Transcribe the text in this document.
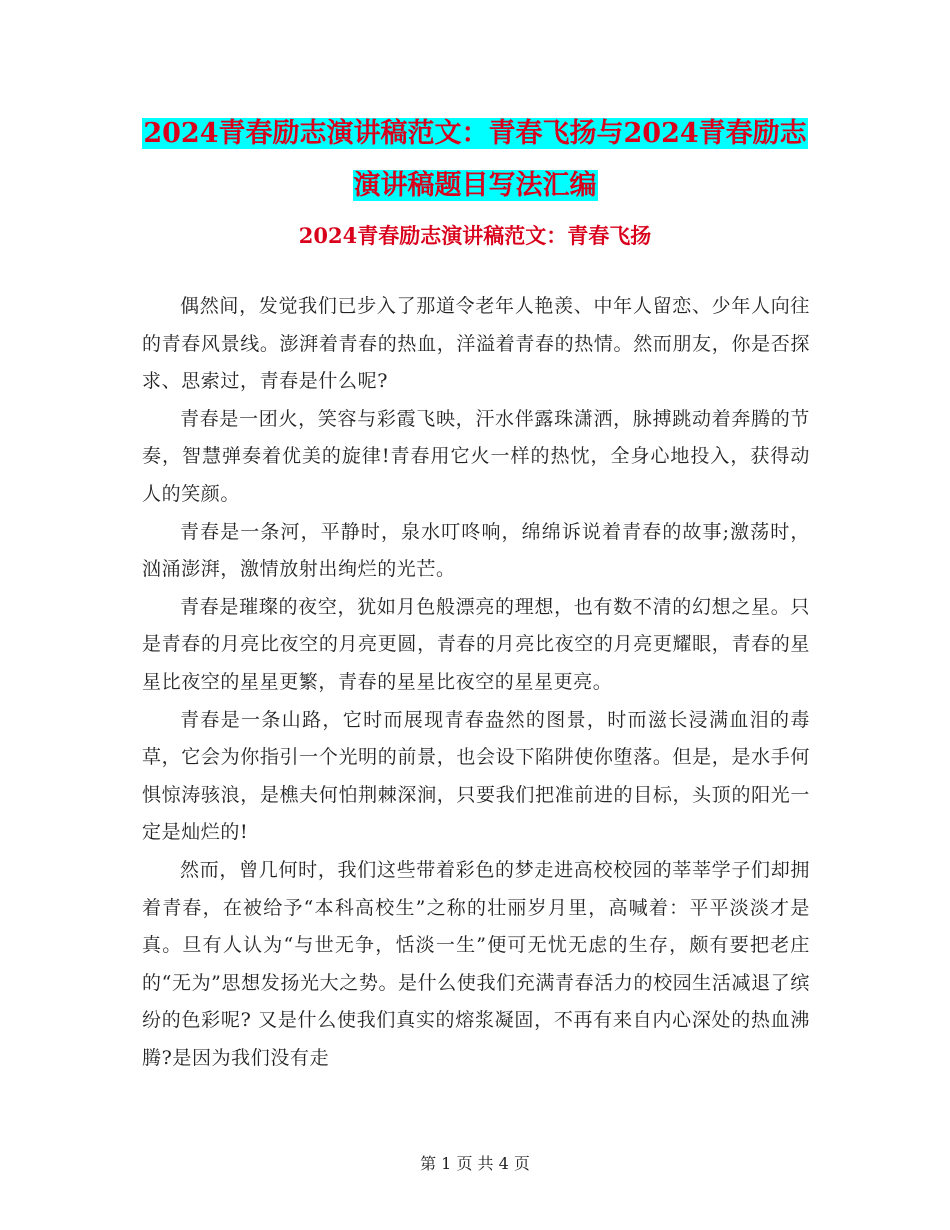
2024青春励志演讲稿范文：青春飞扬与2024青春励志
演讲稿题目写法汇编
2024青春励志演讲稿范文：青春飞扬

偶然间，发觉我们已步入了那道令老年人艳羡、中年人留恋、少年人向往的青春风景线。澎湃着青春的热血，洋溢着青春的热情。然而朋友，你是否探求、思索过，青春是什么呢?

青春是一团火，笑容与彩霞飞映，汗水伴露珠潇洒，脉搏跳动着奔腾的节奏，智慧弹奏着优美的旋律!青春用它火一样的热忱，全身心地投入，获得动人的笑颜。

青春是一条河，平静时，泉水叮咚响，绵绵诉说着青春的故事;激荡时，汹涌澎湃，激情放射出绚烂的光芒。

青春是璀璨的夜空，犹如月色般漂亮的理想，也有数不清的幻想之星。只是青春的月亮比夜空的月亮更圆，青春的月亮比夜空的月亮更耀眼，青春的星星比夜空的星星更繁，青春的星星比夜空的星星更亮。

青春是一条山路，它时而展现青春盎然的图景，时而滋长浸满血泪的毒草，它会为你指引一个光明的前景，也会设下陷阱使你堕落。但是，是水手何惧惊涛骇浪，是樵夫何怕荆棘深涧，只要我们把准前进的目标，头顶的阳光一定是灿烂的!

然而，曾几何时，我们这些带着彩色的梦走进高校校园的莘莘学子们却拥着青春，在被给予“本科高校生”之称的壮丽岁月里，高喊着：平平淡淡才是真。旦有人认为“与世无争，恬淡一生”便可无忧无虑的生存，颇有要把老庄的“无为”思想发扬光大之势。是什么使我们充满青春活力的校园生活减退了缤纷的色彩呢? 又是什么使我们真实的熔浆凝固，不再有来自内心深处的热血沸腾?是因为我们没有走

第 1 页 共 4 页
